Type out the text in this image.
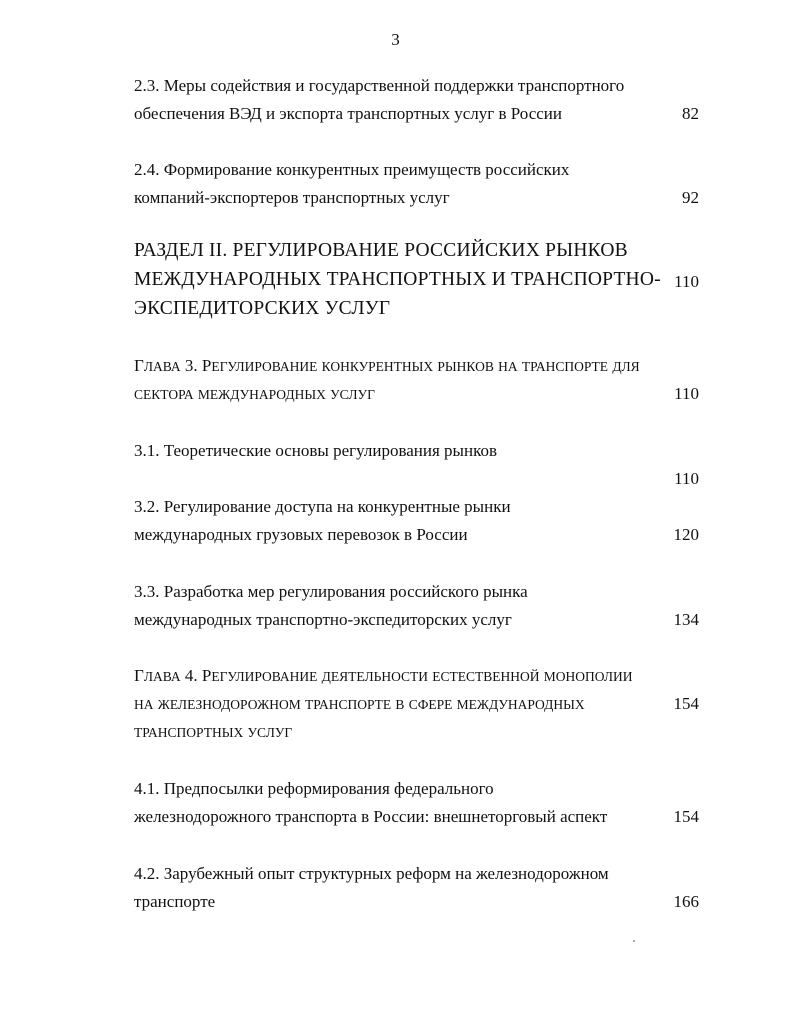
3
2.3. Меры содействия и государственной поддержки транспортного
обеспечения ВЭД и экспорта транспортных услуг в России	82
2.4. Формирование конкурентных преимуществ российских
компаний-экспортеров транспортных услуг	92
РАЗДЕЛ II. РЕГУЛИРОВАНИЕ РОССИЙСКИХ РЫНКОВ
МЕЖДУНАРОДНЫХ ТРАНСПОРТНЫХ И ТРАНСПОРТНО-
ЭКСПЕДИТОРСКИХ УСЛУГ
110
ГЛАВА 3. РЕГУЛИРОВАНИЕ КОНКУРЕНТНЫХ РЫНКОВ НА ТРАНСПОРТЕ ДЛЯ
СЕКТОРА МЕЖДУНАРОДНЫХ УСЛУГ	110
3.1. Теоретические основы регулирования рынков
110
3.2. Регулирование доступа на конкурентные рынки
международных грузовых перевозок в России	120
3.3. Разработка мер регулирования российского рынка
международных транспортно-экспедиторских услуг	134
ГЛАВА 4. РЕГУЛИРОВАНИЕ ДЕЯТЕЛЬНОСТИ ЕСТЕСТВЕННОЙ МОНОПОЛИИ
НА ЖЕЛЕЗНОДОРОЖНОМ ТРАНСПОРТЕ В СФЕРЕ МЕЖДУНАРОДНЫХ
ТРАНСПОРТНЫХ УСЛУГ
154
4.1. Предпосылки реформирования федерального
железнодорожного транспорта в России: внешнеторговый аспект	154
4.2. Зарубежный опыт структурных реформ на железнодорожном
транспорте	166
